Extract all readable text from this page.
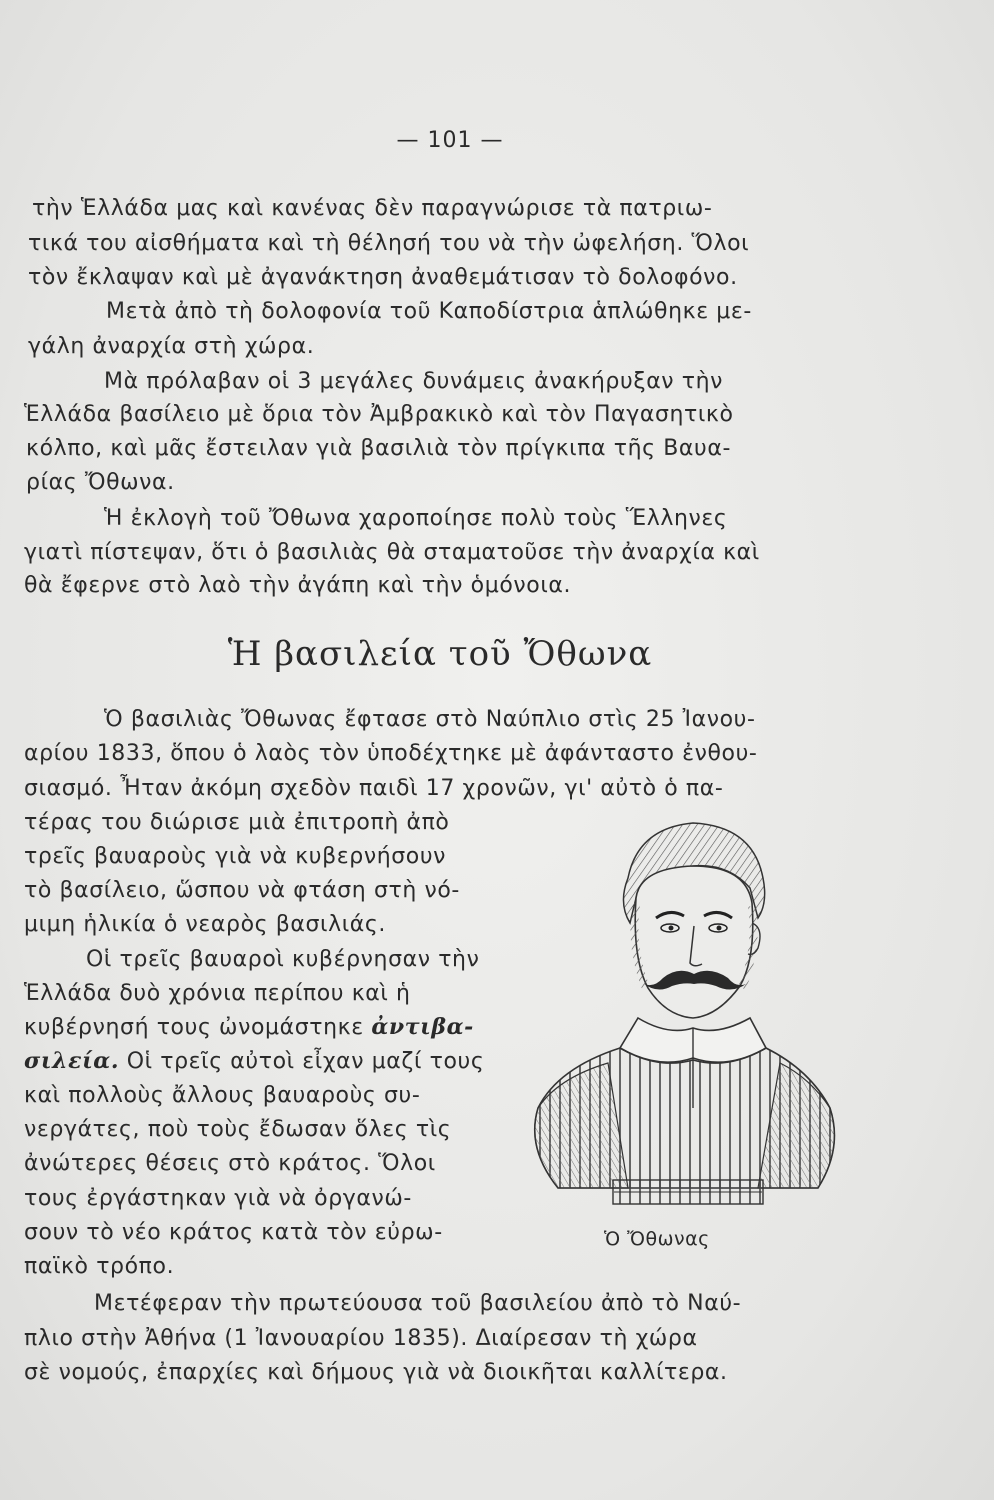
— 101 —
τὴν Ἑλλάδα μας καὶ κανένας δὲν παραγνώρισε τὰ πατριω-
τικά του αἰσθήματα καὶ τὴ θέλησή του νὰ τὴν ὠφελήση. Ὅλοι
τὸν ἔκλαψαν καὶ μὲ ἀγανάκτηση ἀναθεμάτισαν τὸ δολοφόνο.
Μετὰ ἀπὸ τὴ δολοφονία τοῦ Καποδίστρια ἁπλώθηκε με-
γάλη ἀναρχία στὴ χώρα.
Μὰ πρόλαβαν οἱ 3 μεγάλες δυνάμεις ἀνακήρυξαν τὴν
Ἑλλάδα βασίλειο μὲ ὅρια τὸν Ἀμβρακικὸ καὶ τὸν Παγασητικὸ
κόλπο, καὶ μᾶς ἔστειλαν γιὰ βασιλιὰ τὸν πρίγκιπα τῆς Βαυα-
ρίας Ὄθωνα.
Ἡ ἐκλογὴ τοῦ Ὄθωνα χαροποίησε πολὺ τοὺς Ἕλληνες
γιατὶ πίστεψαν, ὅτι ὁ βασιλιὰς θὰ σταματοῦσε τὴν ἀναρχία καὶ
θὰ ἔφερνε στὸ λαὸ τὴν ἀγάπη καὶ τὴν ὁμόνοια.
Ἡ βασιλεία τοῦ Ὄθωνα
Ὁ βασιλιὰς Ὄθωνας ἔφτασε στὸ Ναύπλιο στὶς 25 Ἰανου-
αρίου 1833, ὅπου ὁ λαὸς τὸν ὑποδέχτηκε μὲ ἀφάνταστο ἐνθου-
σιασμό. Ἦταν ἀκόμη σχεδὸν παιδὶ 17 χρονῶν, γι' αὐτὸ ὁ πα-
τέρας του διώρισε μιὰ ἐπιτροπὴ ἀπὸ
τρεῖς βαυαροὺς γιὰ νὰ κυβερνήσουν
τὸ βασίλειο, ὥσπου νὰ φτάση στὴ νό-
μιμη ἡλικία ὁ νεαρὸς βασιλιάς.
Οἱ τρεῖς βαυαροὶ κυβέρνησαν τὴν
Ἑλλάδα δυὸ χρόνια περίπου καὶ ἡ
κυβέρνησή τους ὠνομάστηκε ἀντιβα-
σιλεία. Οἱ τρεῖς αὐτοὶ εἶχαν μαζί τους
καὶ πολλοὺς ἄλλους βαυαροὺς συ-
νεργάτες, ποὺ τοὺς ἔδωσαν ὅλες τὶς
ἀνώτερες θέσεις στὸ κράτος. Ὅλοι
τους ἐργάστηκαν γιὰ νὰ ὀργανώ-
σουν τὸ νέο κράτος κατὰ τὸν εὐρω-
παϊκὸ τρόπο.
Μετέφεραν τὴν πρωτεύουσα τοῦ βασιλείου ἀπὸ τὸ Ναύ-
πλιο στὴν Ἀθήνα (1 Ἰανουαρίου 1835). Διαίρεσαν τὴ χώρα
σὲ νομούς, ἐπαρχίες καὶ δήμους γιὰ νὰ διοικῆται καλλίτερα.
Ὁ Ὄθωνας
